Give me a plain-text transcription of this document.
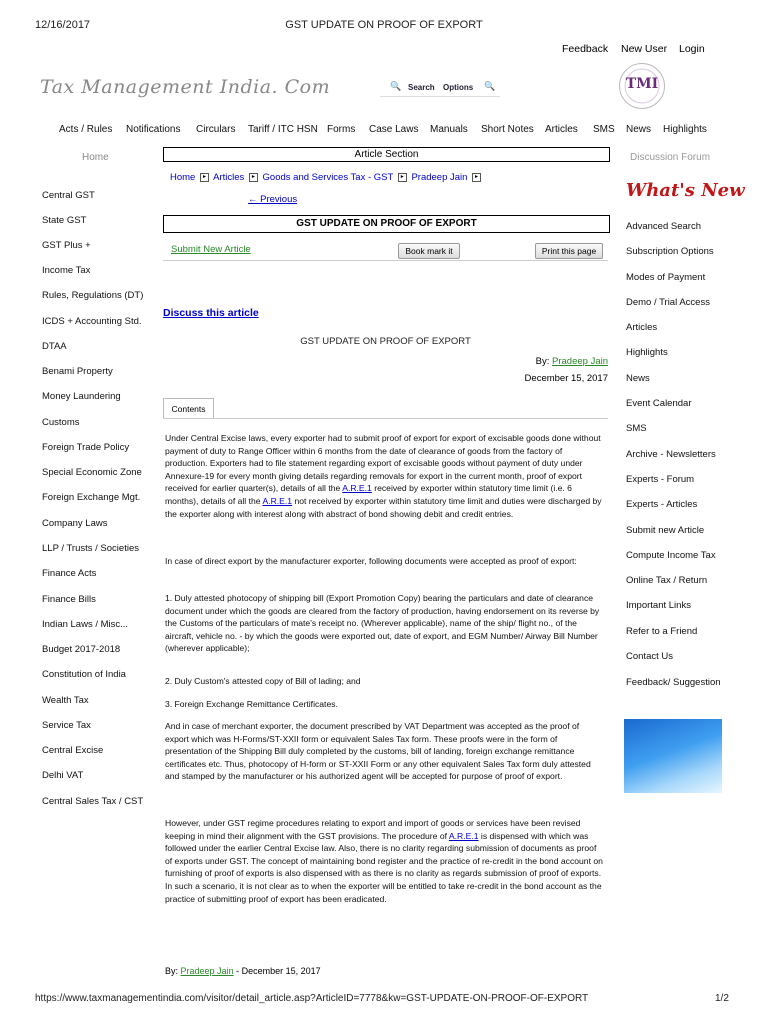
12/16/2017	GST UPDATE ON PROOF OF EXPORT
Feedback New User Login
Tax Management India. Com	🔍 Search Options 🔍	TMI
Acts / Rules Notifications Circulars Tariff / ITC HSN Forms Case Laws Manuals Short Notes Articles SMS News Highlights
Home	Discussion Forum
Central GST
State GST
GST Plus +
Income Tax
Rules, Regulations (DT)
ICDS + Accounting Std.
DTAA
Benami Property
Money Laundering
Customs
Foreign Trade Policy
Special Economic Zone
Foreign Exchange Mgt.
Company Laws
LLP / Trusts / Societies
Finance Acts
Finance Bills
Indian Laws / Misc...
Budget 2017-2018
Constitution of India
Wealth Tax
Service Tax
Central Excise
Delhi VAT
Central Sales Tax / CST
What's New
Advanced Search
Subscription Options
Modes of Payment
Demo / Trial Access
Articles
Highlights
News
Event Calendar
SMS
Archive - Newsletters
Experts - Forum
Experts - Articles
Submit new Article
Compute Income Tax
Online Tax / Return
Important Links
Refer to a Friend
Contact Us
Feedback/ Suggestion
Article Section
Home ▸ Articles ▸ Goods and Services Tax - GST ▸ Pradeep Jain ▸
← Previous
GST UPDATE ON PROOF OF EXPORT
Submit New Article	Book mark it	Print this page
Discuss this article
GST UPDATE ON PROOF OF EXPORT
By: Pradeep Jain
December 15, 2017
Contents

Under Central Excise laws, every exporter had to submit proof of export for export of excisable goods done without payment of duty to Range Officer within 6 months from the date of clearance of goods from the factory of production. Exporters had to file statement regarding export of excisable goods without payment of duty under Annexure-19 for every month giving details regarding removals for export in the current month, proof of export received for earlier quarter(s), details of all the A.R.E.1 received by exporter within statutory time limit (i.e. 6 months), details of all the A.R.E.1 not received by exporter within statutory time limit and duties were discharged by the exporter along with interest along with abstract of bond showing debit and credit entries.

In case of direct export by the manufacturer exporter, following documents were accepted as proof of export:
1. Duly attested photocopy of shipping bill (Export Promotion Copy) bearing the particulars and date of clearance document under which the goods are cleared from the factory of production, having endorsement on its reverse by the Customs of the particulars of mate's receipt no. (Wherever applicable), name of the ship/ flight no., of the aircraft, vehicle no. - by which the goods were exported out, date of export, and EGM Number/ Airway Bill Number (wherever applicable);
2. Duly Custom's attested copy of Bill of lading; and
3. Foreign Exchange Remittance Certificates.
And in case of merchant exporter, the document prescribed by VAT Department was accepted as the proof of export which was H-Forms/ST-XXII form or equivalent Sales Tax form. These proofs were in the form of presentation of the Shipping Bill duly completed by the customs, bill of landing, foreign exchange remittance certificates etc. Thus, photocopy of H-form or ST-XXII Form or any other equivalent Sales Tax form duly attested and stamped by the manufacturer or his authorized agent will be accepted for purpose of proof of export.

However, under GST regime procedures relating to export and import of goods or services have been revised keeping in mind their alignment with the GST provisions. The procedure of A.R.E.1 is dispensed with which was followed under the earlier Central Excise law. Also, there is no clarity regarding submission of documents as proof of exports under GST. The concept of maintaining bond register and the practice of re-credit in the bond account on furnishing of proof of exports is also dispensed with as there is no clarity as regards submission of proof of exports. In such a scenario, it is not clear as to when the exporter will be entitled to take re-credit in the bond account as the practice of submitting proof of export has been eradicated.

By: Pradeep Jain - December 15, 2017
https://www.taxmanagementindia.com/visitor/detail_article.asp?ArticleID=7778&kw=GST-UPDATE-ON-PROOF-OF-EXPORT	1/2
